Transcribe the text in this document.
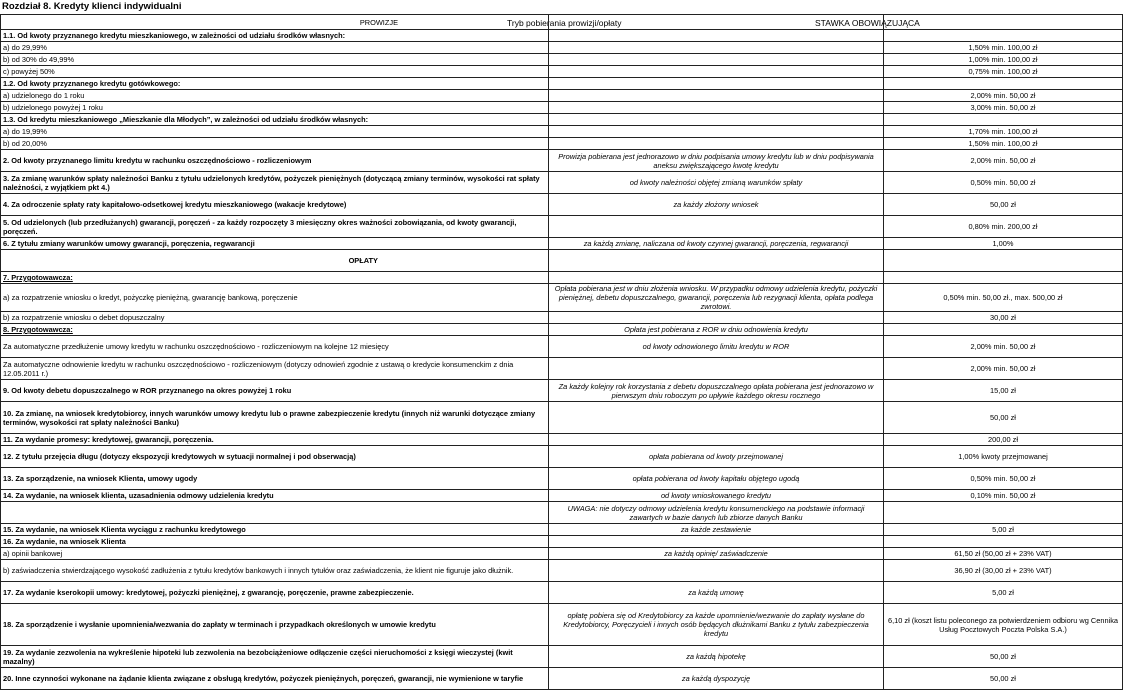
Rozdział 8. Kredyty klienci indywidualni
Tryb pobierania prowizji/opłaty	STAWKA OBOWIĄZUJĄCA
PROWIZJE		
1.1. Od kwoty przyznanego kredytu mieszkaniowego, w zależności od udziału środków własnych:		
a) do 29,99%		1,50% min. 100,00 zł
b) od 30% do 49,99%		1,00% min. 100,00 zł
c) powyżej 50%		0,75% min. 100,00 zł
1.2. Od kwoty przyznanego kredytu gotówkowego:		
a) udzielonego do 1 roku		2,00% min. 50,00 zł
b) udzielonego powyżej 1 roku		3,00% min. 50,00 zł
1.3. Od kredytu mieszkaniowego „Mieszkanie dla Młodych”, w zależności od udziału środków własnych:		
a) do 19,99%		1,70% min. 100,00 zł
b) od 20,00%		1,50% min. 100,00 zł
2. Od kwoty przyznanego limitu kredytu w rachunku oszczędnościowo - rozliczeniowym	Prowizja pobierana jest jednorazowo w dniu podpisania umowy kredytu lub w dniu podpisywania aneksu zwiększającego kwotę kredytu	2,00% min. 50,00 zł
3. Za zmianę warunków spłaty należności Banku z tytułu udzielonych kredytów, pożyczek pieniężnych (dotyczącą zmiany terminów, wysokości rat spłaty należności, z wyjątkiem pkt 4.)	od kwoty należności objętej zmianą warunków spłaty	0,50% min. 50,00 zł
4. Za odroczenie spłaty raty kapitałowo-odsetkowej kredytu mieszkaniowego (wakacje kredytowe)	za każdy złożony wniosek	50,00 zł
5. Od udzielonych (lub przedłużanych) gwarancji, poręczeń - za każdy rozpoczęty 3 miesięczny okres ważności zobowiązania, od kwoty gwarancji, poręczeń.		0,80% min. 200,00 zł
6. Z tytułu zmiany warunków umowy gwarancji, poręczenia, regwarancji	za każdą zmianę, naliczana od kwoty czynnej gwarancji, poręczenia, regwarancji	1,00%
OPŁATY		
7. Przygotowawcza:		
a) za rozpatrzenie wniosku o kredyt, pożyczkę pieniężną, gwarancję bankową, poręczenie	Opłata pobierana jest w dniu złożenia wniosku. W przypadku odmowy udzielenia kredytu, pożyczki pieniężnej, debetu dopuszczalnego, gwarancji, poręczenia lub rezygnacji klienta, opłata podlega zwrotowi.	0,50% min. 50,00 zł., max. 500,00 zł
b) za rozpatrzenie wniosku o debet dopuszczalny		30,00 zł
8. Przygotowawcza:	Opłata jest pobierana z ROR w dniu odnowienia kredytu	
Za automatyczne przedłużenie umowy kredytu w rachunku oszczędnościowo - rozliczeniowym na kolejne 12 miesięcy	od kwoty odnowionego limitu kredytu w ROR	2,00% min. 50,00 zł
Za automatyczne odnowienie kredytu w rachunku oszczędnościowo - rozliczeniowym (dotyczy odnowień zgodnie z ustawą o kredycie konsumenckim z dnia 12.05.2011 r.)		2,00% min. 50,00 zł
9. Od kwoty debetu dopuszczalnego w ROR przyznanego na okres powyżej 1 roku	Za każdy kolejny rok korzystania z debetu dopuszczalnego opłata pobierana jest jednorazowo w pierwszym dniu roboczym po upływie każdego okresu rocznego	15,00 zł
10. Za zmianę, na wniosek kredytobiorcy, innych warunków umowy kredytu lub o prawne zabezpieczenie kredytu (innych niż warunki dotyczące zmiany terminów, wysokości rat spłaty należności Banku)		50,00 zł
11. Za wydanie promesy: kredytowej, gwarancji, poręczenia.		200,00 zł
12. Z tytułu przejęcia długu (dotyczy ekspozycji kredytowych w sytuacji normalnej i pod obserwacją)	opłata pobierana od kwoty przejmowanej	1,00% kwoty przejmowanej
13. Za sporządzenie, na wniosek Klienta, umowy ugody	opłata pobierana od kwoty kapitału objętego ugodą	0,50% min. 50,00 zł
14. Za wydanie, na wniosek klienta, uzasadnienia odmowy udzielenia kredytu	od kwoty wnioskowanego kredytu	0,10% min. 50,00 zł
	UWAGA: nie dotyczy odmowy udzielenia kredytu konsumenckiego na podstawie informacji zawartych w bazie danych lub zbiorze danych Banku	
15. Za wydanie, na wniosek Klienta wyciągu z rachunku kredytowego	za każde zestawienie	5,00 zł
16. Za wydanie, na wniosek Klienta		
a) opinii bankowej	za każdą opinię/ zaświadczenie	61,50 zł (50,00 zł + 23% VAT)
b) zaświadczenia stwierdzającego wysokość zadłużenia z tytułu kredytów bankowych i innych tytułów oraz zaświadczenia, że klient nie figuruje jako dłużnik.		36,90 zł (30,00 zł + 23% VAT)
17. Za wydanie kserokopii umowy: kredytowej, pożyczki pieniężnej, z gwarancję, poręczenie, prawne zabezpieczenie.	za każdą umowę	5,00 zł
18. Za sporządzenie i wysłanie upomnienia/wezwania do zapłaty w terminach i przypadkach określonych w umowie kredytu	opłatę pobiera się od Kredytobiorcy za każde upomnienie/wezwanie do zapłaty wysłane do Kredytobiorcy, Poręczycieli i innych osób będących dłużnikami Banku z tytułu zabezpieczenia kredytu	6,10 zł (koszt listu poleconego za potwierdzeniem odbioru wg Cennika Usług Pocztowych Poczta Polska S.A.)
19. Za wydanie zezwolenia na wykreślenie hipoteki lub zezwolenia na bezobciążeniowe odłączenie części nieruchomości z księgi wieczystej (kwit mazalny)	za każdą hipotekę	50,00 zł
20. Inne czynności wykonane na żądanie klienta związane z obsługą kredytów, pożyczek pieniężnych, poręczeń, gwarancji, nie wymienione w taryfie	za każdą dyspozycję	50,00 zł
